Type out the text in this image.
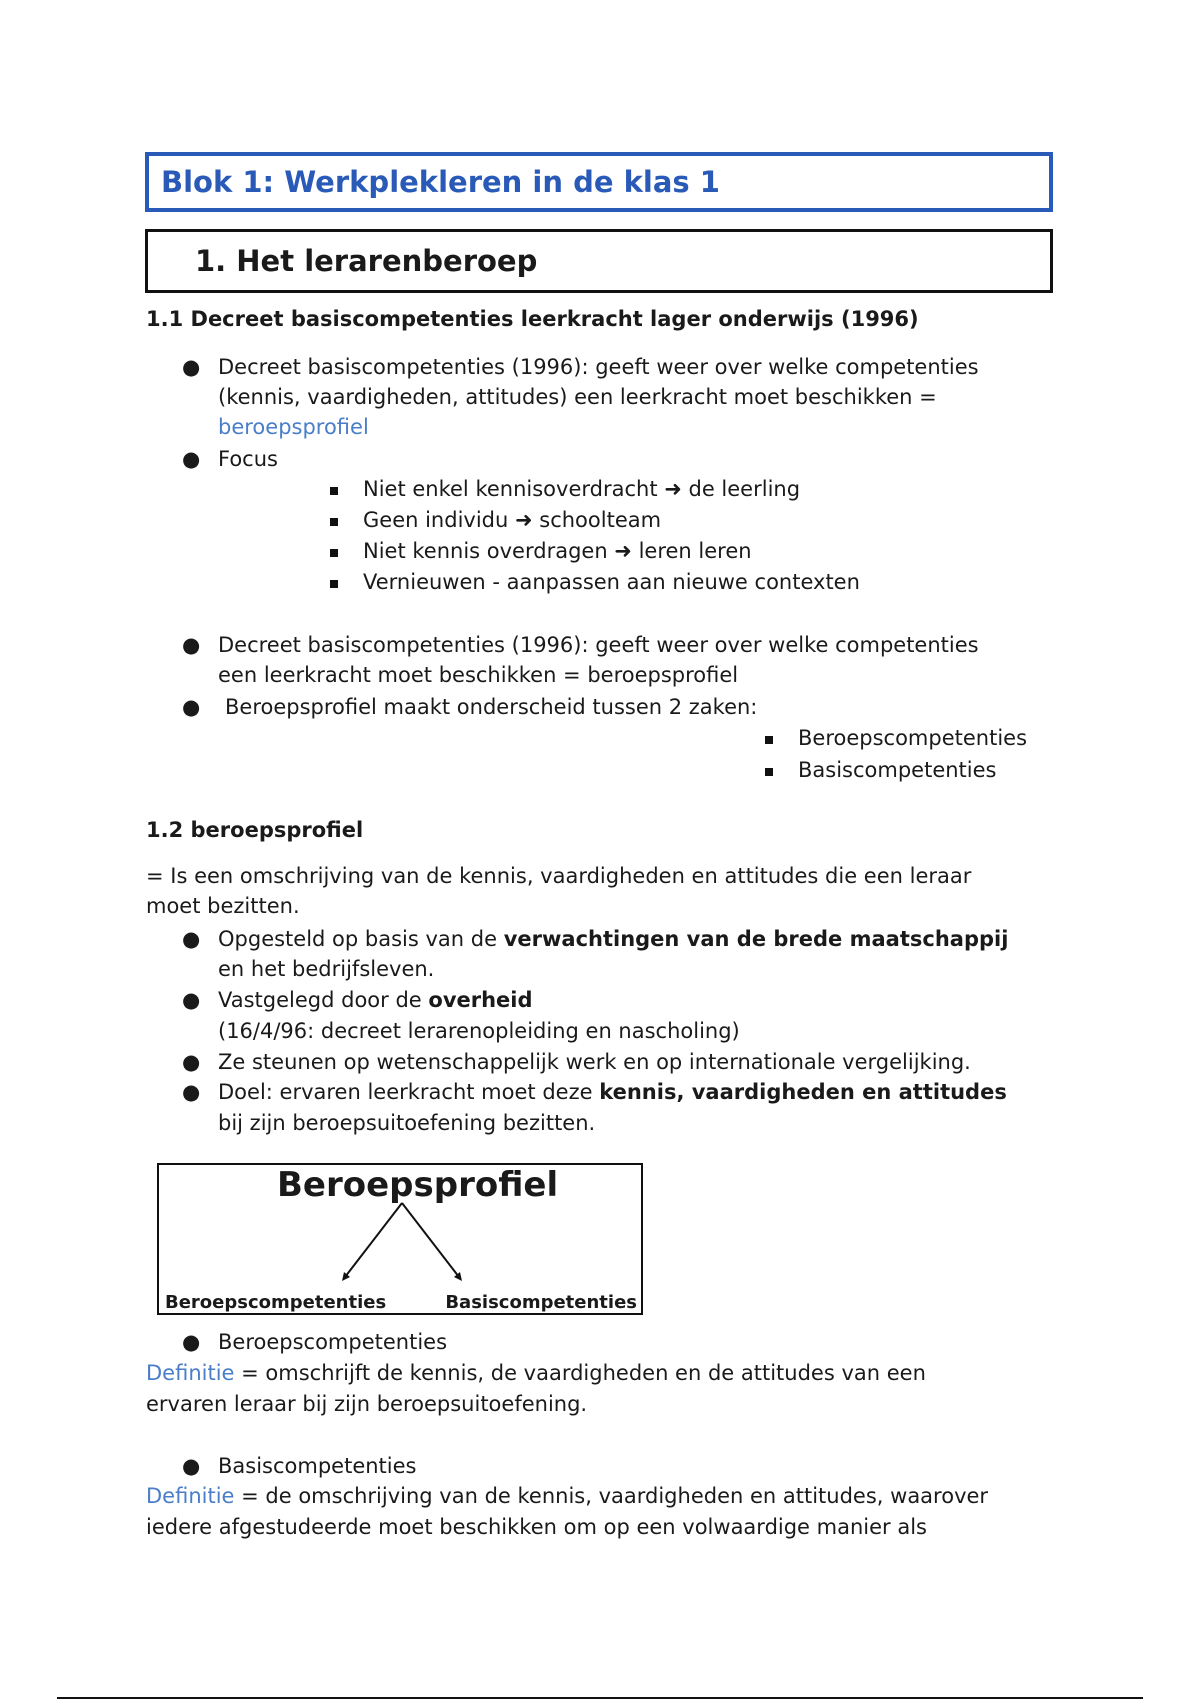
Blok 1: Werkplekleren in de klas 1
1. Het lerarenberoep
1.1 Decreet basiscompetenties leerkracht lager onderwijs (1996)
● Decreet basiscompetenties (1996): geeft weer over welke competenties
(kennis, vaardigheden, attitudes) een leerkracht moet beschikken =
beroepsprofiel
● Focus
Niet enkel kennisoverdracht ➜ de leerling
Geen individu ➜ schoolteam
Niet kennis overdragen ➜ leren leren
Vernieuwen - aanpassen aan nieuwe contexten
● Decreet basiscompetenties (1996): geeft weer over welke competenties
een leerkracht moet beschikken = beroepsprofiel
● Beroepsprofiel maakt onderscheid tussen 2 zaken:
Beroepscompetenties
Basiscompetenties
1.2 beroepsprofiel
= Is een omschrijving van de kennis, vaardigheden en attitudes die een leraar
moet bezitten.
● Opgesteld op basis van de verwachtingen van de brede maatschappij
en het bedrijfsleven.
● Vastgelegd door de overheid
(16/4/96: decreet lerarenopleiding en nascholing)
● Ze steunen op wetenschappelijk werk en op internationale vergelijking.
● Doel: ervaren leerkracht moet deze kennis, vaardigheden en attitudes
bij zijn beroepsuitoefening bezitten.
Beroepsprofiel
Beroepscompetenties	Basiscompetenties
● Beroepscompetenties
Definitie = omschrijft de kennis, de vaardigheden en de attitudes van een
ervaren leraar bij zijn beroepsuitoefening.
● Basiscompetenties
Definitie = de omschrijving van de kennis, vaardigheden en attitudes, waarover
iedere afgestudeerde moet beschikken om op een volwaardige manier als
